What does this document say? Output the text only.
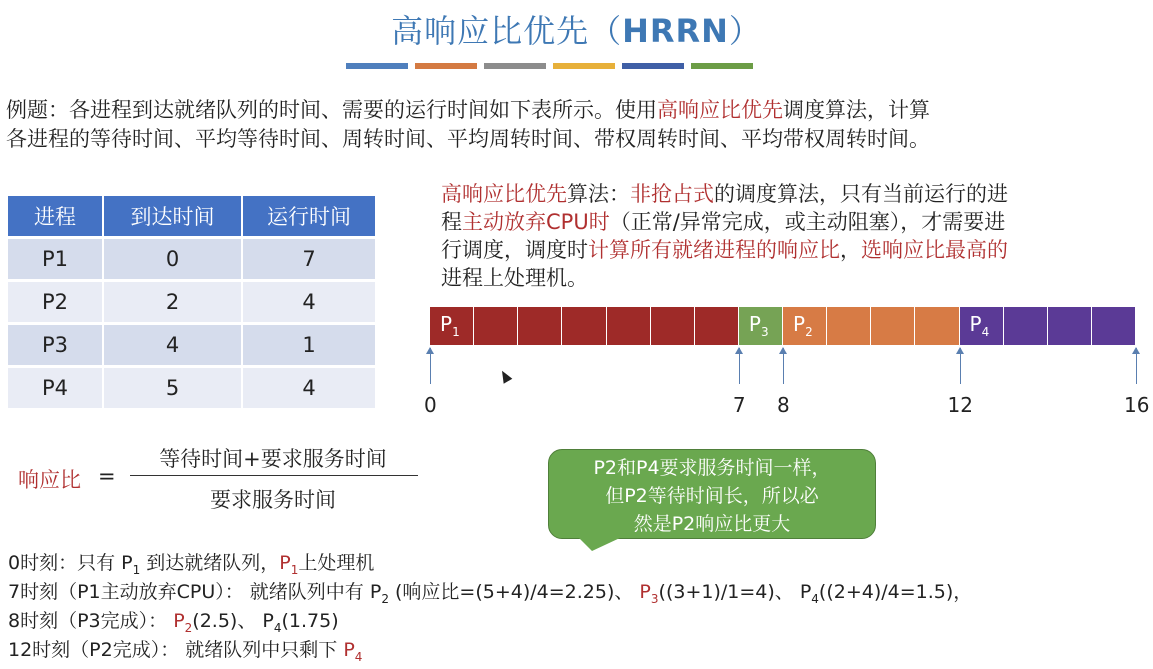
高响应比优先（HRRN）
例题：各进程到达就绪队列的时间、需要的运行时间如下表所示。使用高响应比优先调度算法，计算
各进程的等待时间、平均等待时间、周转时间、平均周转时间、带权周转时间、平均带权周转时间。
进程	到达时间	运行时间
P1	0	7
P2	2	4
P3	4	1
P4	5	4
高响应比优先算法：非抢占式的调度算法，只有当前运行的进
程主动放弃CPU时（正常/异常完成，或主动阻塞），才需要进
行调度，调度时计算所有就绪进程的响应比，选响应比最高的
进程上处理机。
$P_1$	$P_3$ $P_2$	$P_4$
0	7 8	12	16
响应比 =
等待时间+要求服务时间
要求服务时间
P2和P4要求服务时间一样，
但P2等待时间长，所以必
然是P2响应比更大
0时刻：只有 $P_1$ 到达就绪队列，$P_1$上处理机
7时刻（P1主动放弃CPU）： 就绪队列中有 $P_2$ (响应比=(5+4)/4=2.25)、 $P_3((3+1)/1=4)$、 $P_4((2+4)/4=1.5)$，
8时刻（P3完成）： $P_2(2.5)$、 $P_4(1.75)$
12时刻（P2完成）： 就绪队列中只剩下 $P_4$
